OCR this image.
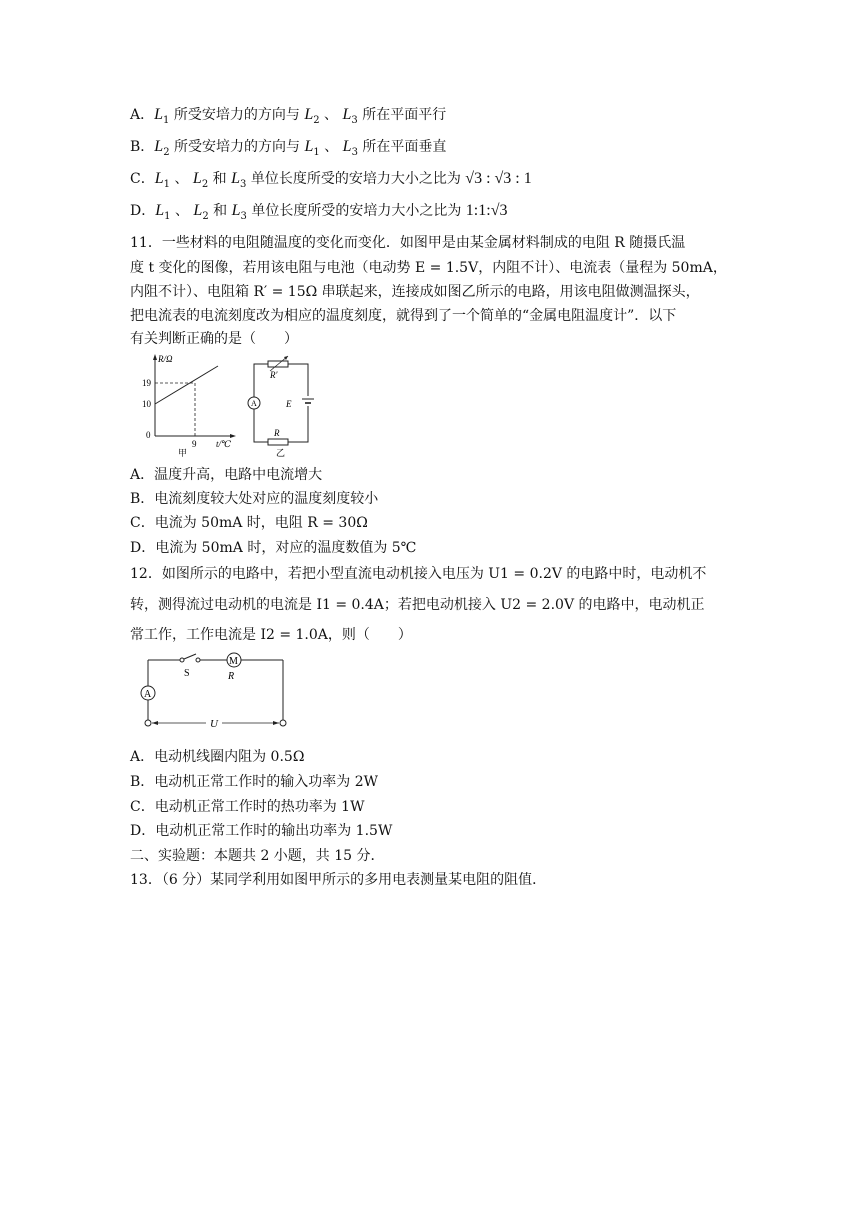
A．$L_1$ 所受安培力的方向与 $L_2$ 、 $L_3$ 所在平面平行
B．$L_2$ 所受安培力的方向与 $L_1$ 、 $L_3$ 所在平面垂直
C．$L_1$ 、 $L_2$ 和 $L_3$ 单位长度所受的安培力大小之比为 √3 : √3 : 1
D．$L_1$ 、 $L_2$ 和 $L_3$ 单位长度所受的安培力大小之比为 1:1:√3
11．一些材料的电阻随温度的变化而变化．如图甲是由某金属材料制成的电阻 R 随摄氏温
度 t 变化的图像，若用该电阻与电池（电动势 E = 1.5V，内阻不计）、电流表（量程为 50mA，
内阻不计）、电阻箱 R′ = 15Ω 串联起来，连接成如图乙所示的电路，用该电阻做测温探头，
把电流表的电流刻度改为相应的温度刻度，就得到了一个简单的“金属电阻温度计”．以下
有关判断正确的是（　　）
R/Ω
19
10
0
9 t/℃
甲
R′
A	E
R
乙
A．温度升高，电路中电流增大
B．电流刻度较大处对应的温度刻度较小
C．电流为 50mA 时，电阻 R = 30Ω
D．电流为 50mA 时，对应的温度数值为 5℃
12．如图所示的电路中，若把小型直流电动机接入电压为 U1 = 0.2V 的电路中时，电动机不
转，测得流过电动机的电流是 I1 = 0.4A；若把电动机接入 U2 = 2.0V 的电路中，电动机正
常工作，工作电流是 I2 = 1.0A，则（　　）
M
A
U
S	R
A．电动机线圈内阻为 0.5Ω
B．电动机正常工作时的输入功率为 2W
C．电动机正常工作时的热功率为 1W
D．电动机正常工作时的输出功率为 1.5W
二、实验题：本题共 2 小题，共 15 分．
13．（6 分）某同学利用如图甲所示的多用电表测量某电阻的阻值．
